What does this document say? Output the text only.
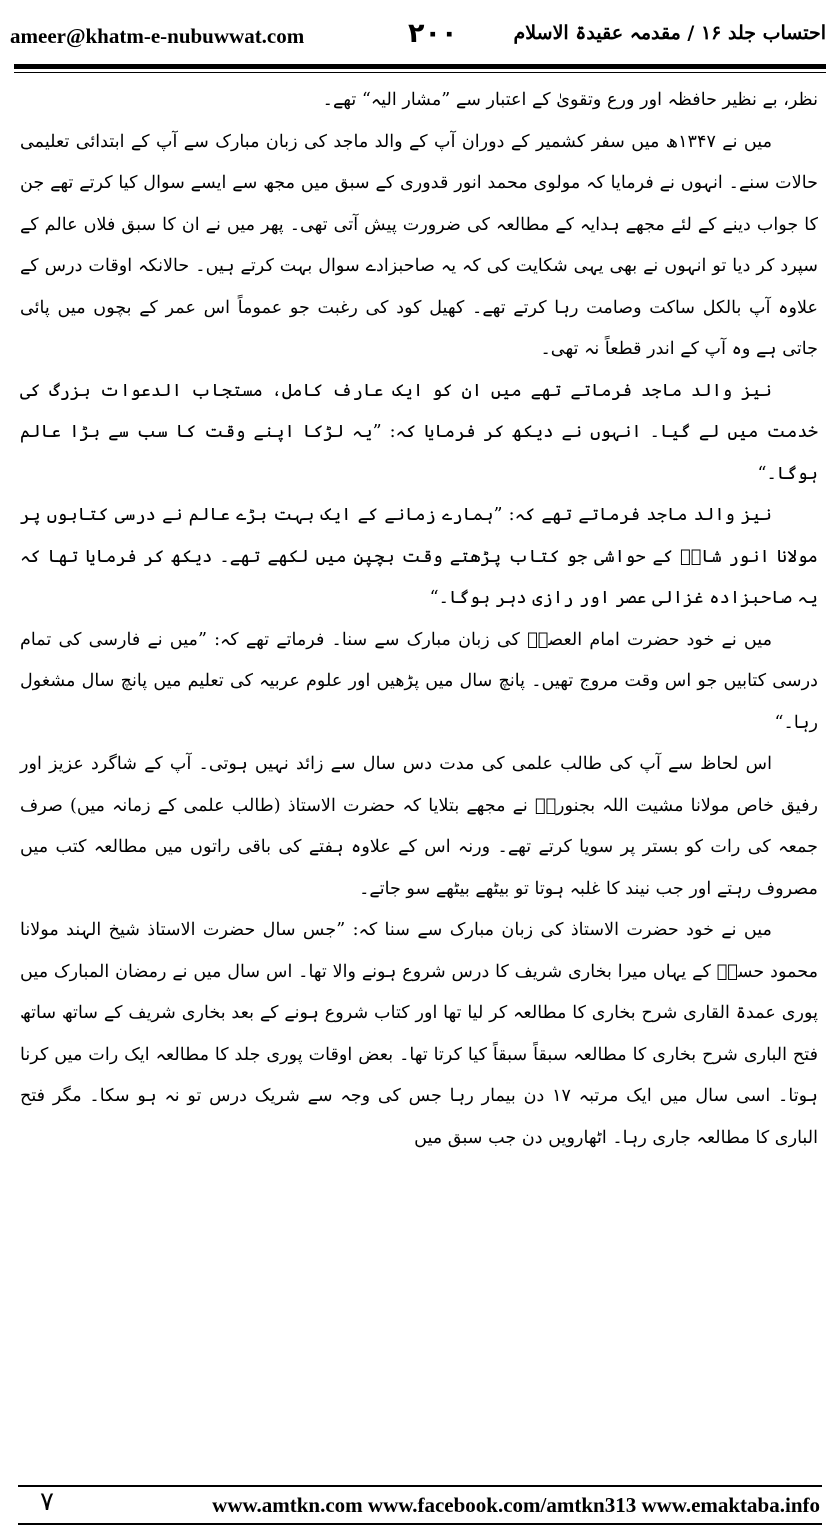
ameer@khatm-e-nubuwwat.com	۲۰۰	احتساب جلد ۱۶ / مقدمہ عقیدۃ الاسلام

نظر، بے نظیر حافظہ اور ورع وتقویٰ کے اعتبار سے ”مشار الیہ“ تھے۔

میں نے ۱۳۴۷ھ میں سفر کشمیر کے دوران آپ کے والد ماجد کی زبان مبارک سے آپ کے ابتدائی تعلیمی حالات سنے۔ انہوں نے فرمایا کہ مولوی محمد انور قدوری کے سبق میں مجھ سے ایسے سوال کیا کرتے تھے جن کا جواب دینے کے لئے مجھے ہدایہ کے مطالعہ کی ضرورت پیش آتی تھی۔ پھر میں نے ان کا سبق فلاں عالم کے سپرد کر دیا تو انہوں نے بھی یہی شکایت کی کہ یہ صاحبزادے سوال بہت کرتے ہیں۔ حالانکہ اوقات درس کے علاوہ آپ بالکل ساکت وصامت رہا کرتے تھے۔ کھیل کود کی رغبت جو عموماً اس عمر کے بچوں میں پائی جاتی ہے وہ آپ کے اندر قطعاً نہ تھی۔

نیز والد ماجد فرماتے تھے میں ان کو ایک عارف کامل، مستجاب الدعوات بزرگ کی خدمت میں لے گیا۔ انہوں نے دیکھ کر فرمایا کہ: ”یہ لڑکا اپنے وقت کا سب سے بڑا عالم ہوگا۔“

نیز والد ماجد فرماتے تھے کہ: ”ہمارے زمانے کے ایک بہت بڑے عالم نے درسی کتابوں پر مولانا انور شاہؒ کے حواشی جو کتاب پڑھتے وقت بچپن میں لکھے تھے۔ دیکھ کر فرمایا تھا کہ یہ صاحبزادہ غزالی عصر اور رازی دہر ہوگا۔“

میں نے خود حضرت امام العصرؒ کی زبان مبارک سے سنا۔ فرماتے تھے کہ: ”میں نے فارسی کی تمام درسی کتابیں جو اس وقت مروج تھیں۔ پانچ سال میں پڑھیں اور علوم عربیہ کی تعلیم میں پانچ سال مشغول رہا۔“

اس لحاظ سے آپ کی طالب علمی کی مدت دس سال سے زائد نہیں ہوتی۔ آپ کے شاگرد عزیز اور رفیق خاص مولانا مشیت اللہ بجنوریؒ نے مجھے بتلایا کہ حضرت الاستاذ (طالب علمی کے زمانہ میں) صرف جمعہ کی رات کو بستر پر سویا کرتے تھے۔ ورنہ اس کے علاوہ ہفتے کی باقی راتوں میں مطالعہ کتب میں مصروف رہتے اور جب نیند کا غلبہ ہوتا تو بیٹھے بیٹھے سو جاتے۔

میں نے خود حضرت الاستاذ کی زبان مبارک سے سنا کہ: ”جس سال حضرت الاستاذ شیخ الہند مولانا محمود حسنؒ کے یہاں میرا بخاری شریف کا درس شروع ہونے والا تھا۔ اس سال میں نے رمضان المبارک میں پوری عمدۃ القاری شرح بخاری کا مطالعہ کر لیا تھا اور کتاب شروع ہونے کے بعد بخاری شریف کے ساتھ ساتھ فتح الباری شرح بخاری کا مطالعہ سبقاً سبقاً کیا کرتا تھا۔ بعض اوقات پوری جلد کا مطالعہ ایک رات میں کرنا ہوتا۔ اسی سال میں ایک مرتبہ ۱۷ دن بیمار رہا جس کی وجہ سے شریک درس تو نہ ہو سکا۔ مگر فتح الباری کا مطالعہ جاری رہا۔ اٹھارویں دن جب سبق میں

۷	www.amtkn.com www.facebook.com/amtkn313 www.emaktaba.info
